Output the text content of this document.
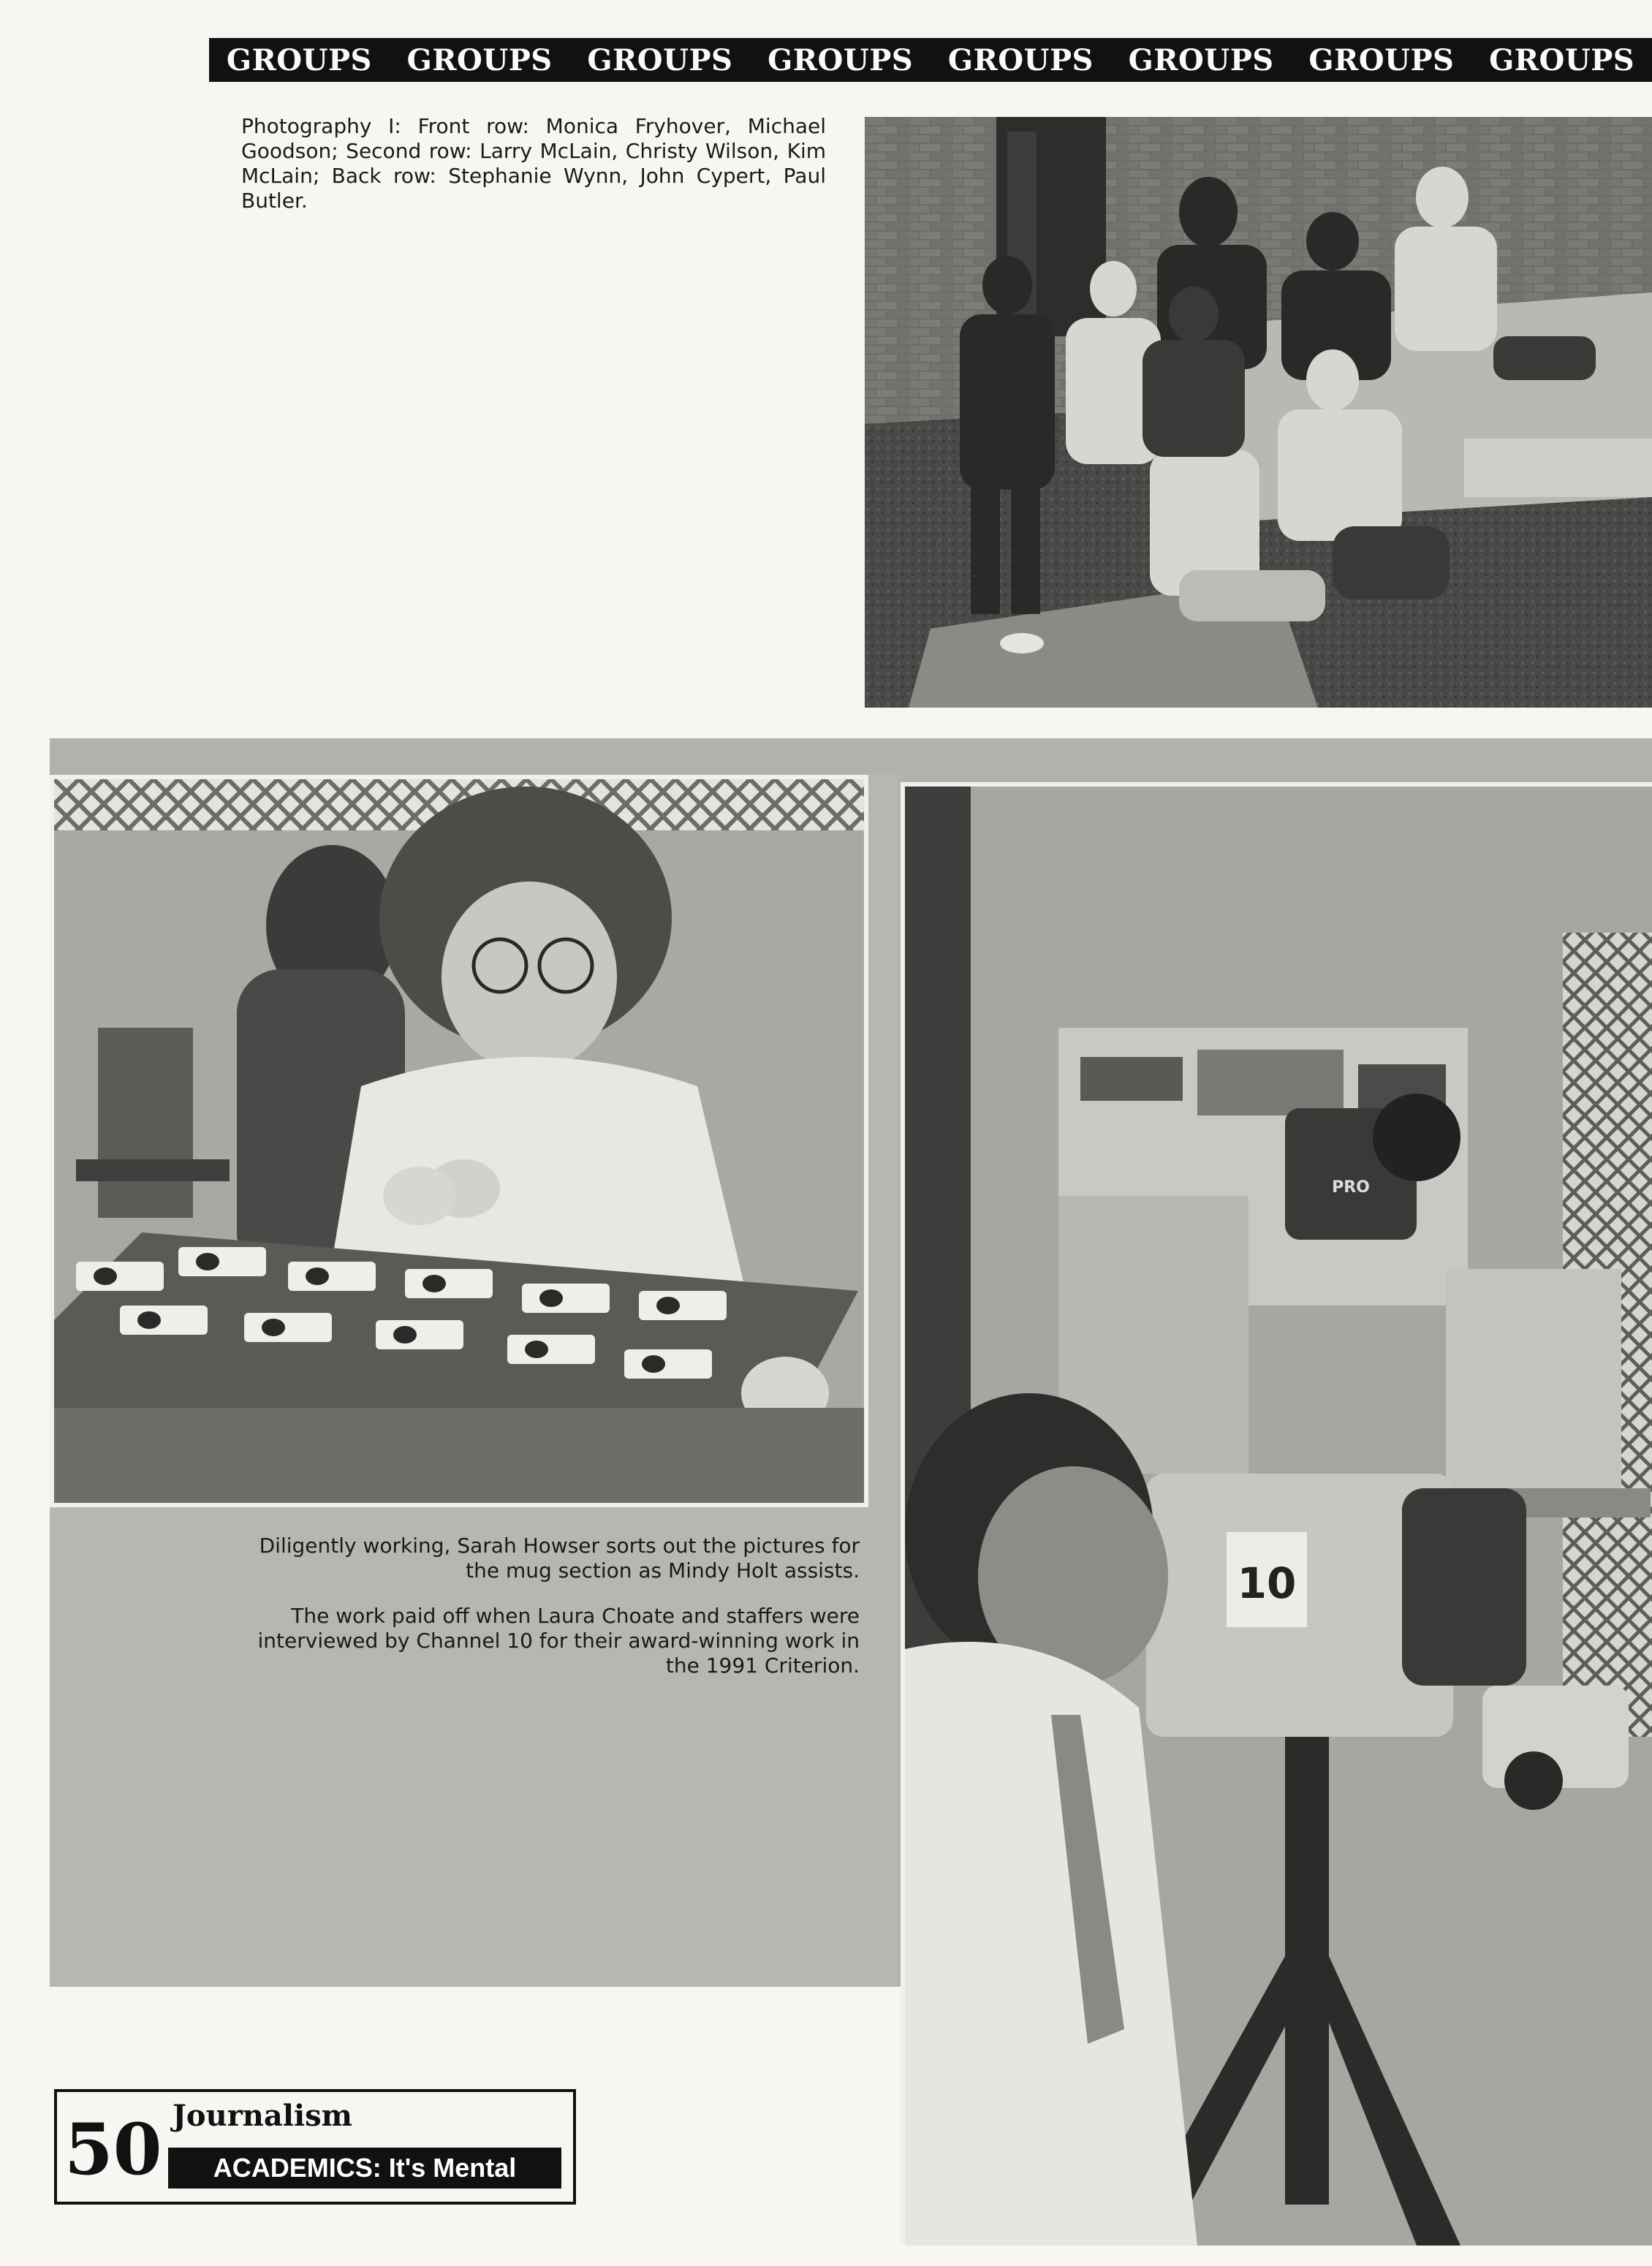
GROUPS GROUPS GROUPS GROUPS GROUPS GROUPS GROUPS GROUPS
Photography I: Front row: Monica Fryhover, Michael Goodson; Second row: Larry McLain, Christy Wilson, Kim McLain; Back row: Stephanie Wynn, John Cypert, Paul Butler.

Diligently working, Sarah Howser sorts out the pictures for the mug section as Mindy Holt assists.

The work paid off when Laura Choate and staffers were interviewed by Channel 10 for their award-winning work in the 1991 Criterion.

10
PRO
50 Journalism
ACADEMICS: It's Mental
